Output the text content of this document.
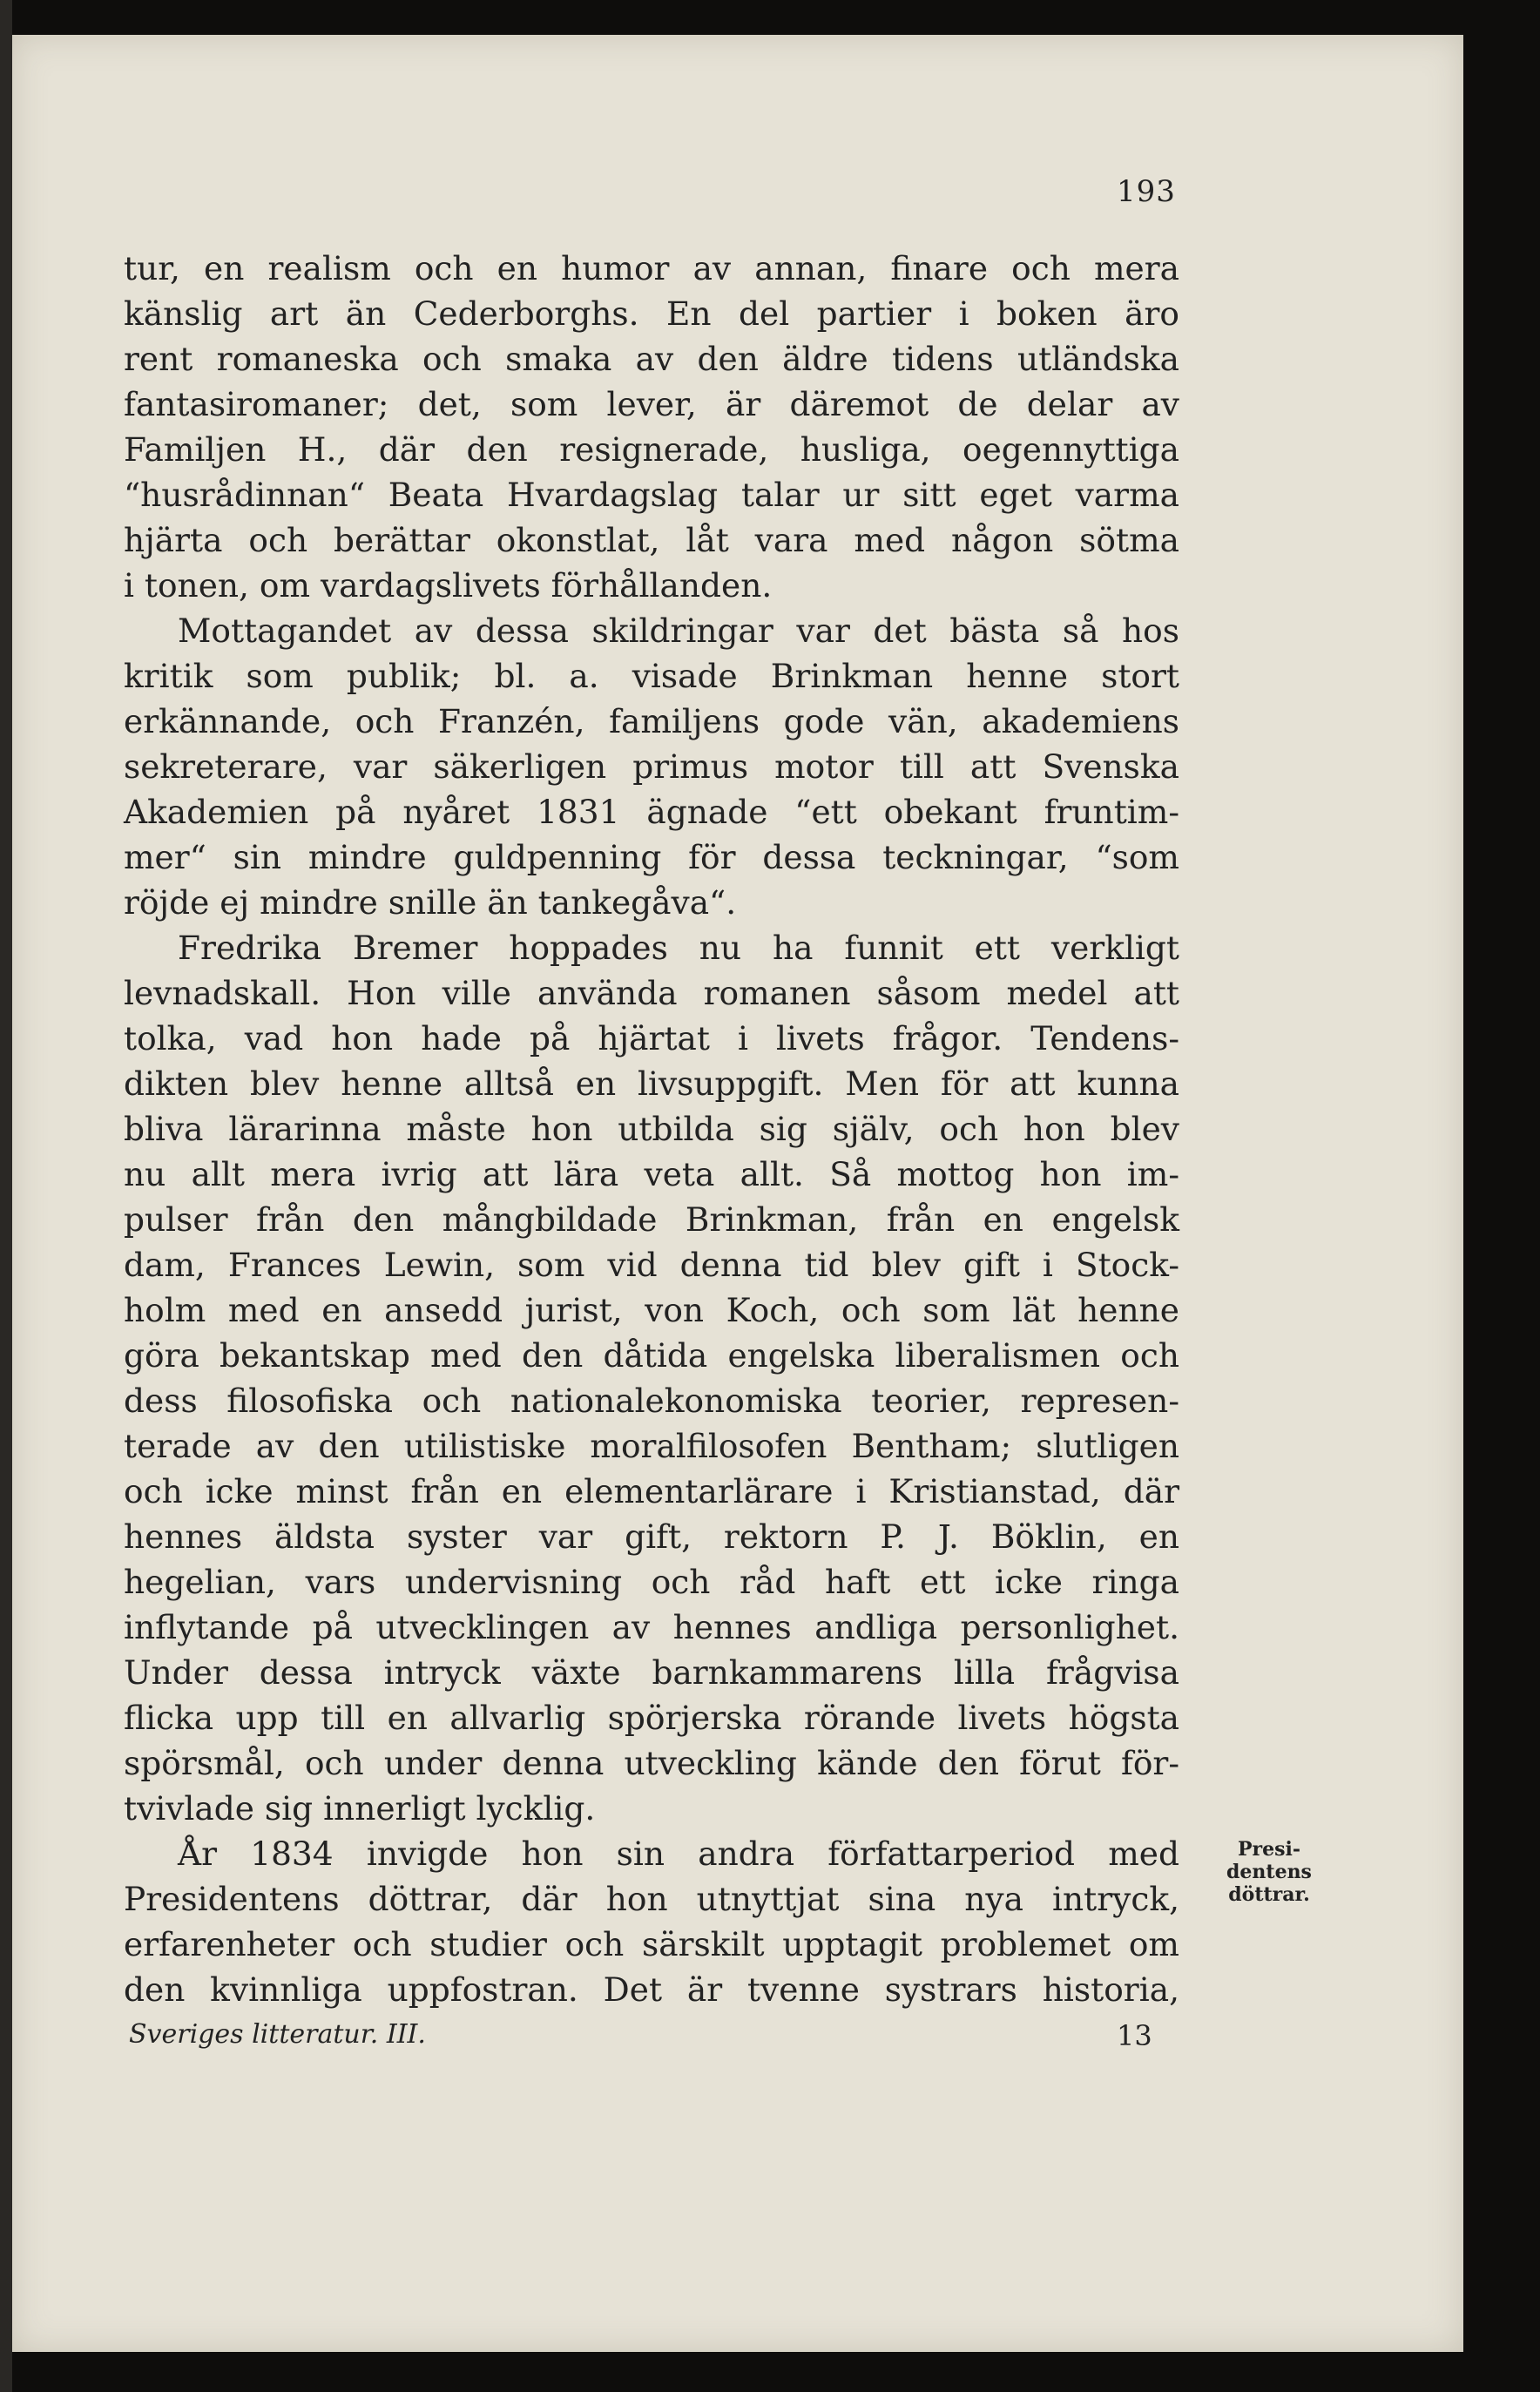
193
tur, en realism och en humor av annan, finare och mera
känslig art än Cederborghs. En del partier i boken äro
rent romaneska och smaka av den äldre tidens utländska
fantasiromaner; det, som lever, är däremot de delar av
Familjen H., där den resignerade, husliga, oegennyttiga
“husrådinnan“ Beata Hvardagslag talar ur sitt eget varma
hjärta och berättar okonstlat, låt vara med någon sötma
i tonen, om vardagslivets förhållanden.
Mottagandet av dessa skildringar var det bästa så hos
kritik som publik; bl. a. visade Brinkman henne stort
erkännande, och Franzén, familjens gode vän, akademiens
sekreterare, var säkerligen primus motor till att Svenska
Akademien på nyåret 1831 ägnade “ett obekant fruntim-
mer“ sin mindre guldpenning för dessa teckningar, “som
röjde ej mindre snille än tankegåva“.
Fredrika Bremer hoppades nu ha funnit ett verkligt
levnadskall. Hon ville använda romanen såsom medel att
tolka, vad hon hade på hjärtat i livets frågor. Tendens-
dikten blev henne alltså en livsuppgift. Men för att kunna
bliva lärarinna måste hon utbilda sig själv, och hon blev
nu allt mera ivrig att lära veta allt. Så mottog hon im-
pulser från den mångbildade Brinkman, från en engelsk
dam, Frances Lewin, som vid denna tid blev gift i Stock-
holm med en ansedd jurist, von Koch, och som lät henne
göra bekantskap med den dåtida engelska liberalismen och
dess filosofiska och nationalekonomiska teorier, represen-
terade av den utilistiske moralfilosofen Bentham; slutligen
och icke minst från en elementarlärare i Kristianstad, där
hennes äldsta syster var gift, rektorn P. J. Böklin, en
hegelian, vars undervisning och råd haft ett icke ringa
inflytande på utvecklingen av hennes andliga personlighet.
Under dessa intryck växte barnkammarens lilla frågvisa
flicka upp till en allvarlig spörjerska rörande livets högsta
spörsmål, och under denna utveckling kände den förut för-
tvivlade sig innerligt lycklig.
År 1834 invigde hon sin andra författarperiod med
Presidentens döttrar, där hon utnyttjat sina nya intryck,
erfarenheter och studier och särskilt upptagit problemet om
den kvinnliga uppfostran. Det är tvenne systrars historia,
Presi-
dentens
döttrar.
Sveriges litteratur. III.	13
